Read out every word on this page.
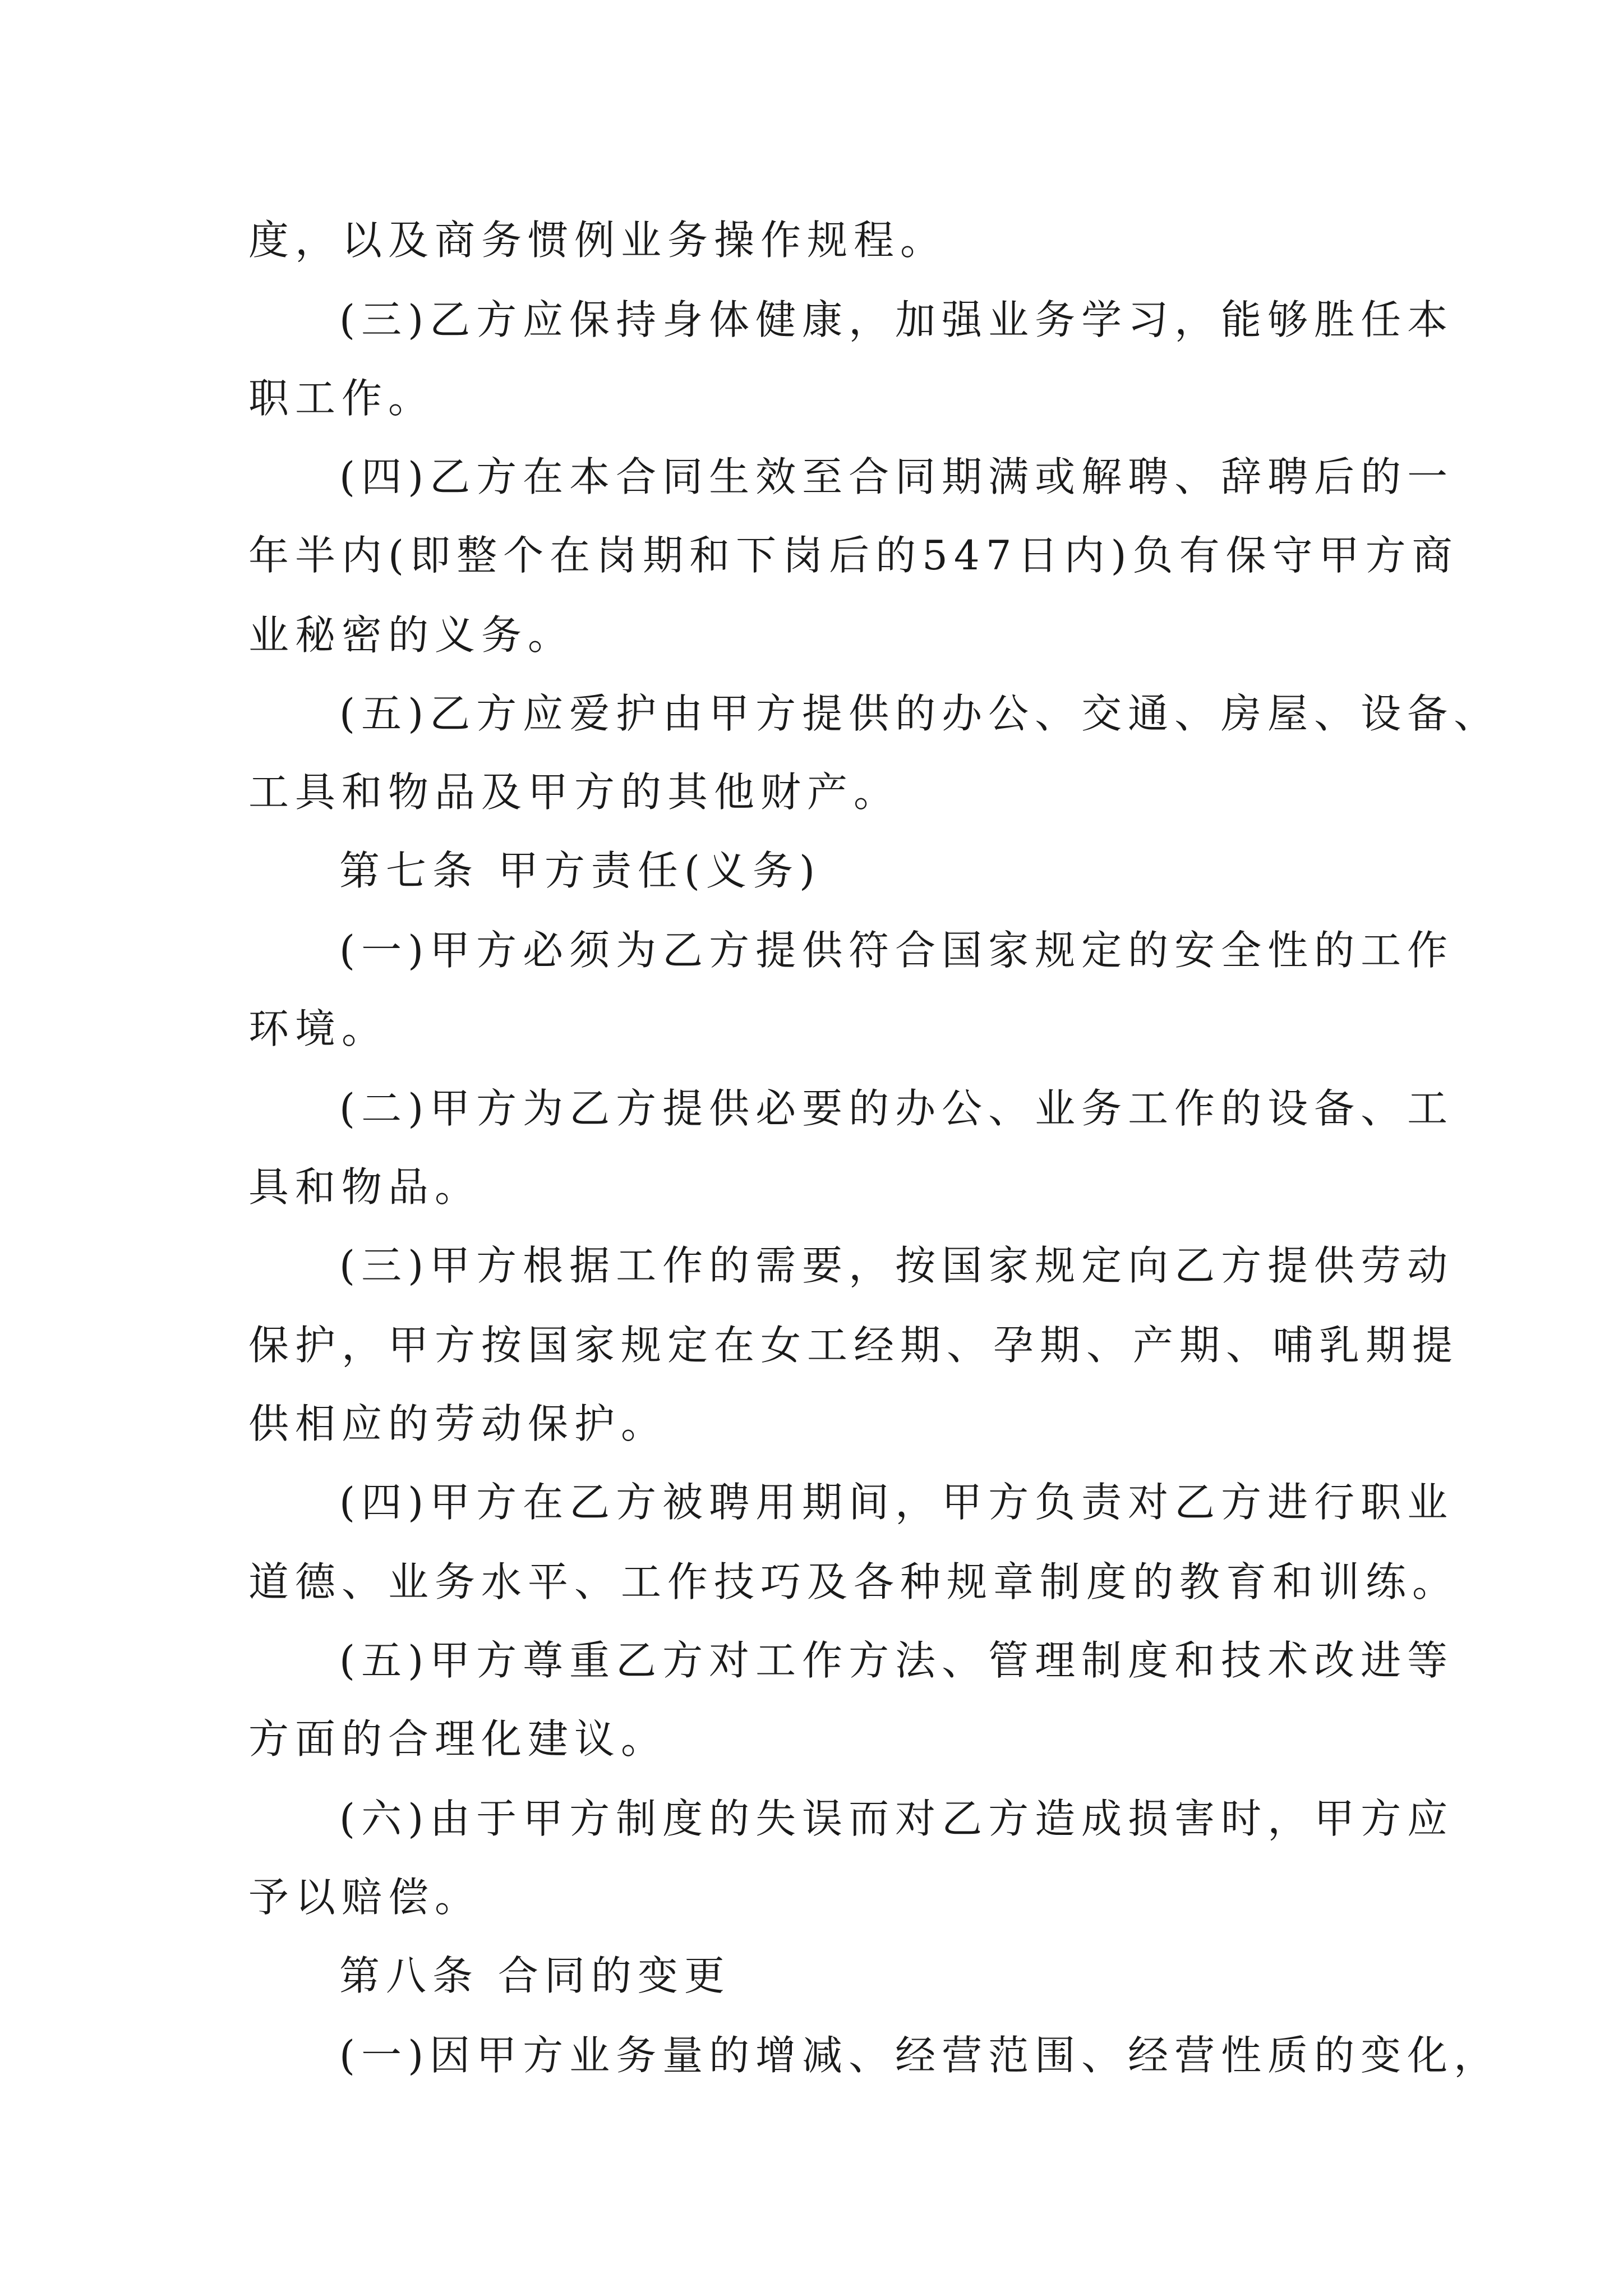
度，以及商务惯例业务操作规程。
(三)乙方应保持身体健康，加强业务学习，能够胜任本
职工作。
(四)乙方在本合同生效至合同期满或解聘、辞聘后的一
年半内(即整个在岗期和下岗后的547日内)负有保守甲方商
业秘密的义务。
(五)乙方应爱护由甲方提供的办公、交通、房屋、设备、
工具和物品及甲方的其他财产。
第七条 甲方责任(义务)
(一)甲方必须为乙方提供符合国家规定的安全性的工作
环境。
(二)甲方为乙方提供必要的办公、业务工作的设备、工
具和物品。
(三)甲方根据工作的需要，按国家规定向乙方提供劳动
保护，甲方按国家规定在女工经期、孕期、产期、哺乳期提
供相应的劳动保护。
(四)甲方在乙方被聘用期间，甲方负责对乙方进行职业
道德、业务水平、工作技巧及各种规章制度的教育和训练。
(五)甲方尊重乙方对工作方法、管理制度和技术改进等
方面的合理化建议。
(六)由于甲方制度的失误而对乙方造成损害时，甲方应
予以赔偿。
第八条 合同的变更
(一)因甲方业务量的增减、经营范围、经营性质的变化，
